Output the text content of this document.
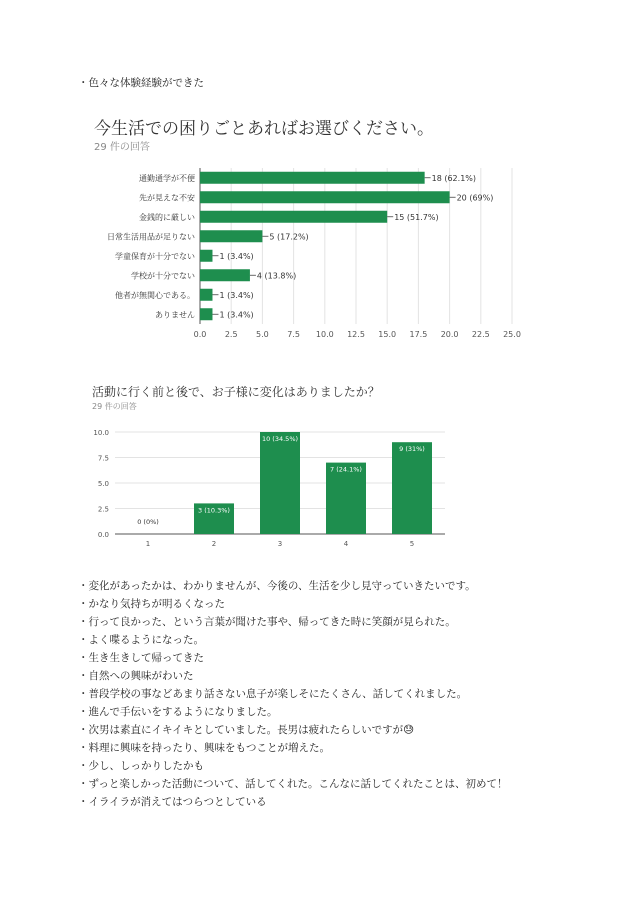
・色々な体験経験ができた
今生活での困りごとあればお選びください。
29 件の回答
0.0 2.5 5.0 7.5 10.0 12.5 15.0 17.5 20.0 22.5 25.0
通勤通学が不便	18 (62.1%)
先が見えな不安	20 (69%)
金銭的に厳しい	15 (51.7%)
日常生活用品が足りない	5 (17.2%)
学童保育が十分でない	1 (3.4%)
学校が十分でない	4 (13.8%)
他者が無関心である。	1 (3.4%)
ありません	1 (3.4%)
活動に行く前と後で、お子様に変化はありましたか？
29 件の回答
0.0
2.5
5.0
7.5
10.0
0 (0%)
1
3 (10.3%)
2
10 (34.5%)
3
7 (24.1%)
4
9 (31%)
5
・変化があったかは、わかりませんが、今後の、生活を少し見守っていきたいです。
・かなり気持ちが明るくなった
・行って良かった、という言葉が聞けた事や、帰ってきた時に笑顔が見られた。
・よく喋るようになった。
・生き生きして帰ってきた
・自然への興味がわいた
・普段学校の事などあまり話さない息子が楽しそにたくさん、話してくれました。
・進んで手伝いをするようになりました。
・次男は素直にイキイキとしていました。長男は疲れたらしいですが😓
・料理に興味を持ったり、興味をもつことが増えた。
・少し、しっかりしたかも
・ずっと楽しかった活動について、話してくれた。こんなに話してくれたことは、初めて！
・イライラが消えてはつらつとしている
